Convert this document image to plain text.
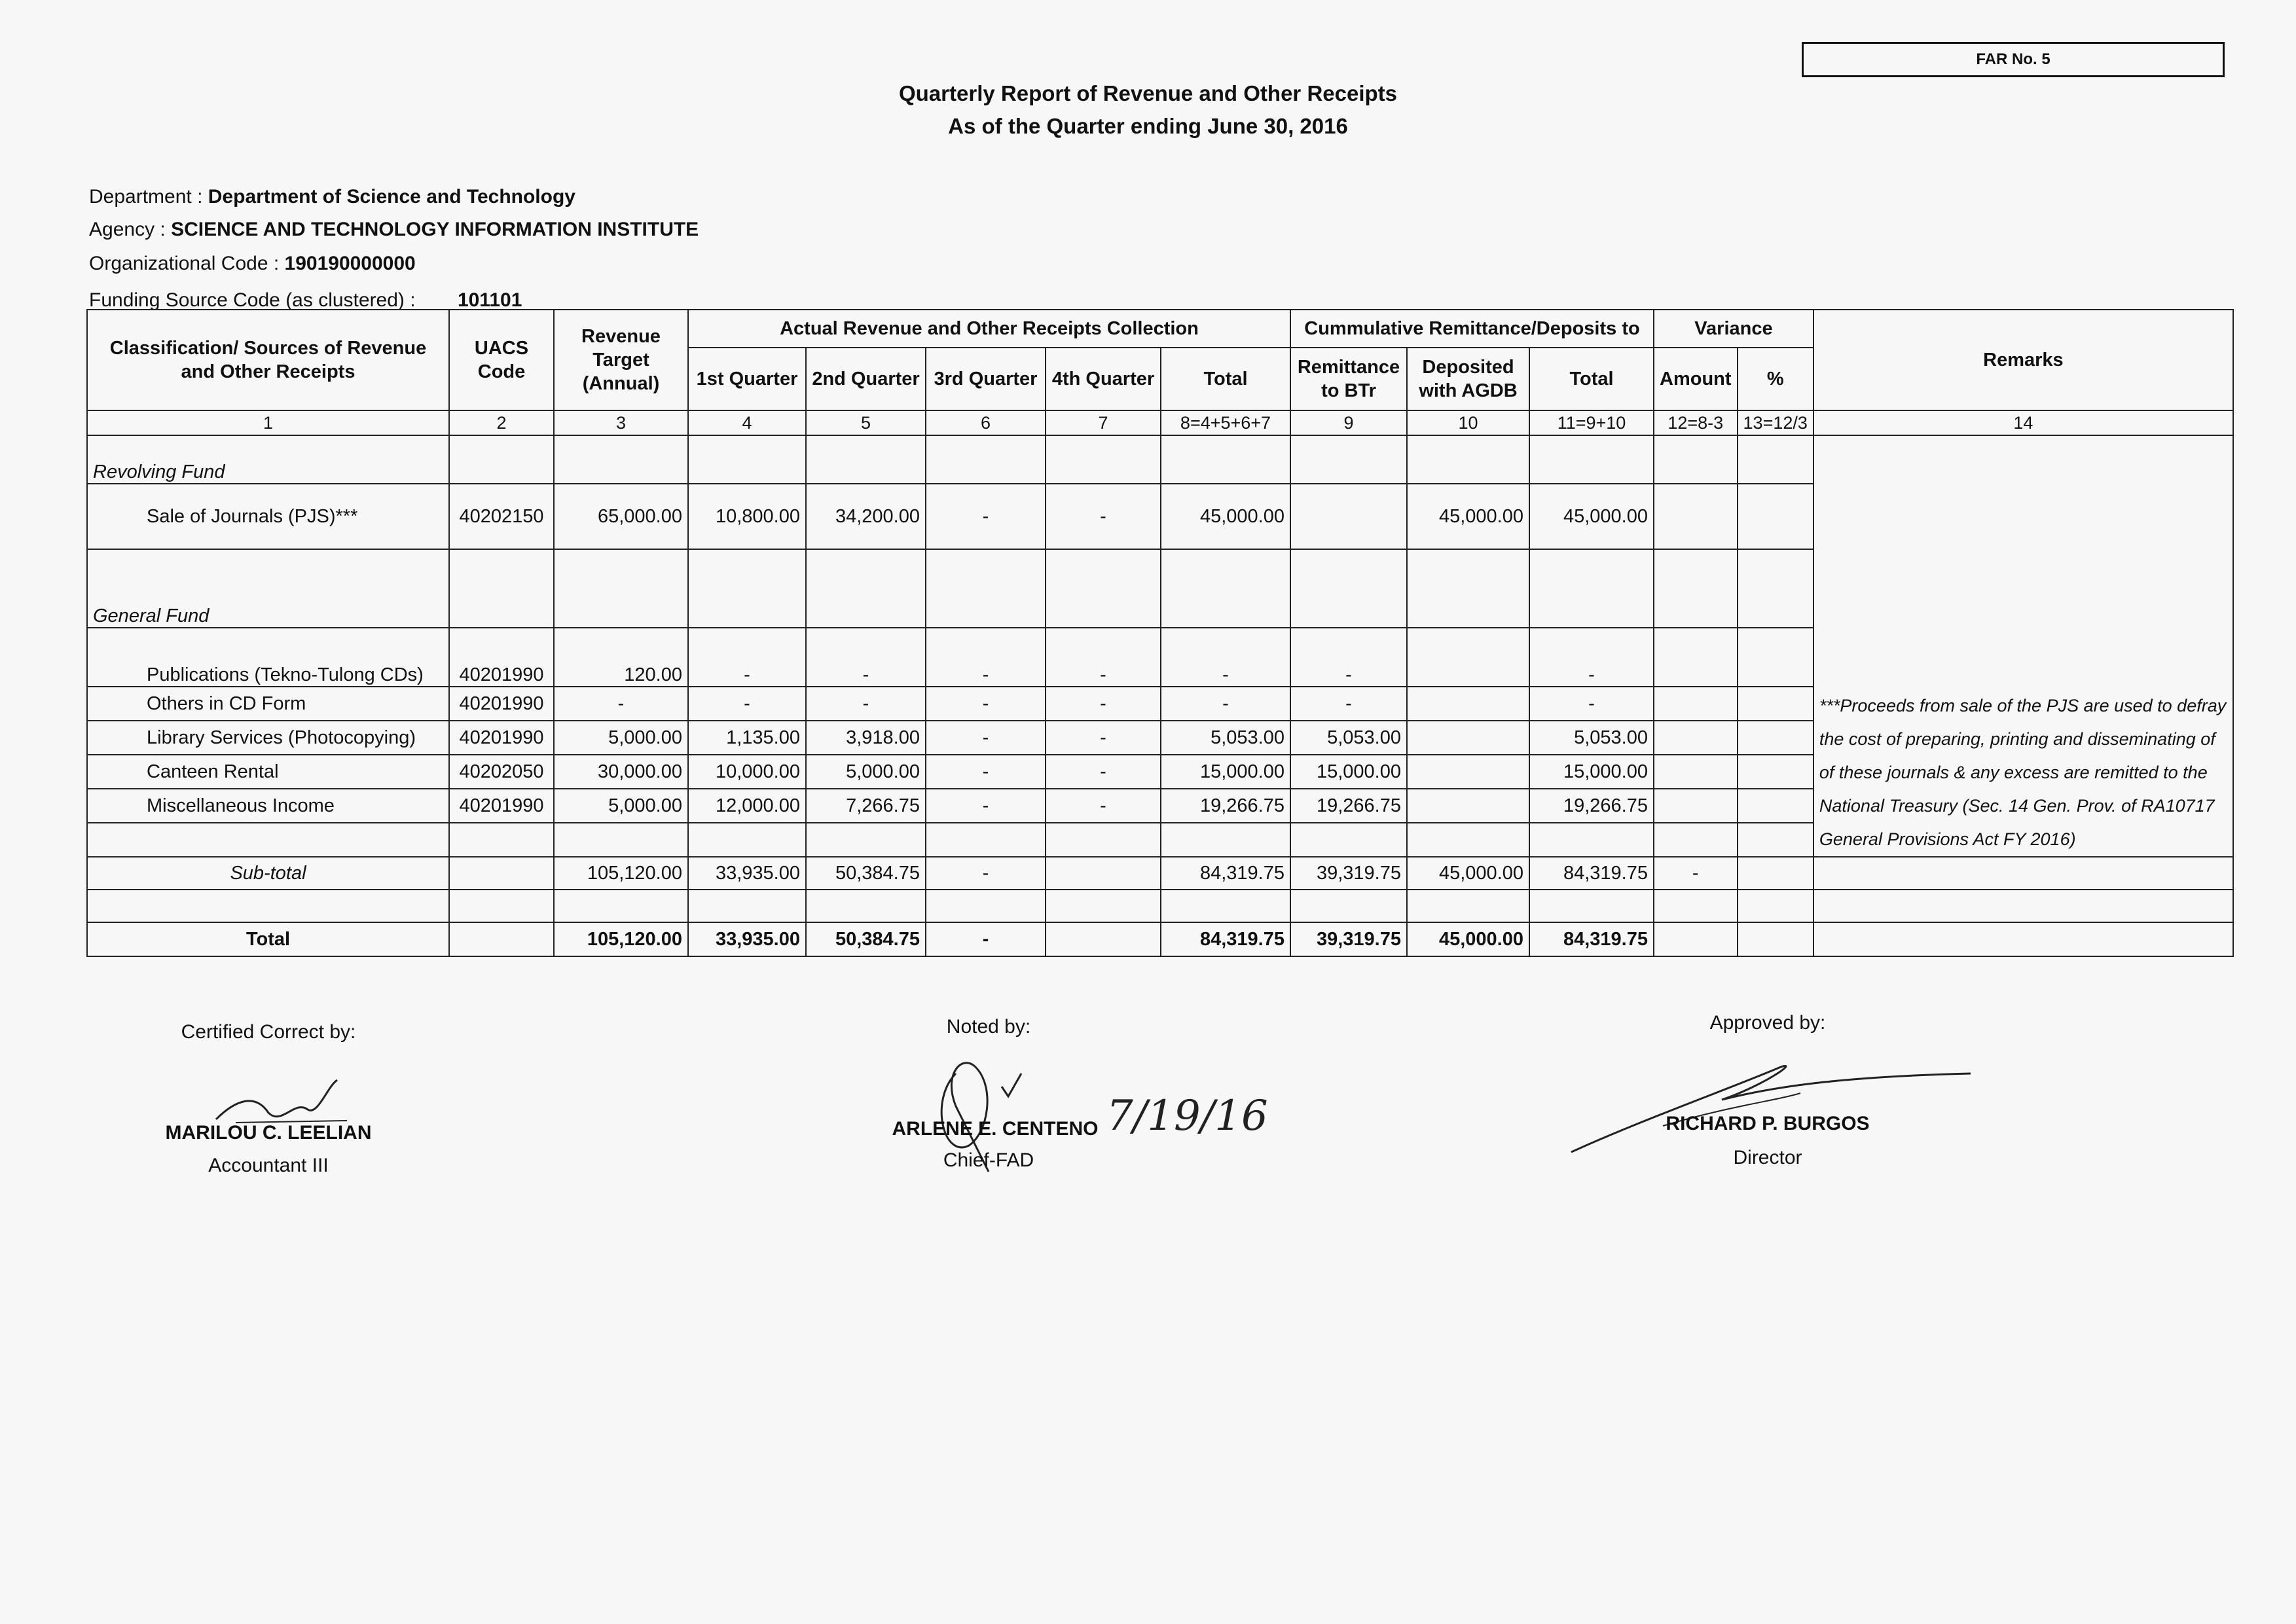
FAR No. 5
Quarterly Report of Revenue and Other Receipts
As of the Quarter ending June 30, 2016
Department : Department of Science and Technology
Agency : SCIENCE AND TECHNOLOGY INFORMATION INSTITUTE
Organizational Code : 190190000000
Funding Source Code (as clustered) : 101101
Classification/ Sources of Revenue and Other Receipts	UACS Code	Revenue Target (Annual)	Actual Revenue and Other Receipts Collection					Cummulative Remittance/Deposits to			Variance		Remarks
			1st Quarter	2nd Quarter	3rd Quarter	4th Quarter	Total	Remittance to BTr	Deposited with AGDB	Total	Amount	%	
1	2	3	4	5	6	7	8=4+5+6+7	9	10	11=9+10	12=8-3	13=12/3	14
Revolving Fund													***Proceeds from sale of the PJS are used to defray the cost of preparing, printing and disseminating of of these journals & any excess are remitted to the National Treasury (Sec. 14 Gen. Prov. of RA10717 General Provisions Act FY 2016)
Sale of Journals (PJS)***	40202150	65,000.00	10,800.00	34,200.00	-	-	45,000.00		45,000.00	45,000.00			
General Fund													
Publications (Tekno-Tulong CDs)	40201990	120.00	-	-	-	-	-	-		-			
Others in CD Form	40201990	-	-	-	-	-	-	-		-			
Library Services (Photocopying)	40201990	5,000.00	1,135.00	3,918.00	-	-	5,053.00	5,053.00		5,053.00			
Canteen Rental	40202050	30,000.00	10,000.00	5,000.00	-	-	15,000.00	15,000.00		15,000.00			
Miscellaneous Income	40201990	5,000.00	12,000.00	7,266.75	-	-	19,266.75	19,266.75		19,266.75			

Sub-total		105,120.00	33,935.00	50,384.75	-		84,319.75	39,319.75	45,000.00	84,319.75	-		

Total		105,120.00	33,935.00	50,384.75	-		84,319.75	39,319.75	45,000.00	84,319.75			
Certified Correct by:
MARILOU C. LEELIAN
Accountant III
Noted by:
ARLENE E. CENTENO 7/19/16
Chief-FAD
Approved by:
RICHARD P. BURGOS
Director
